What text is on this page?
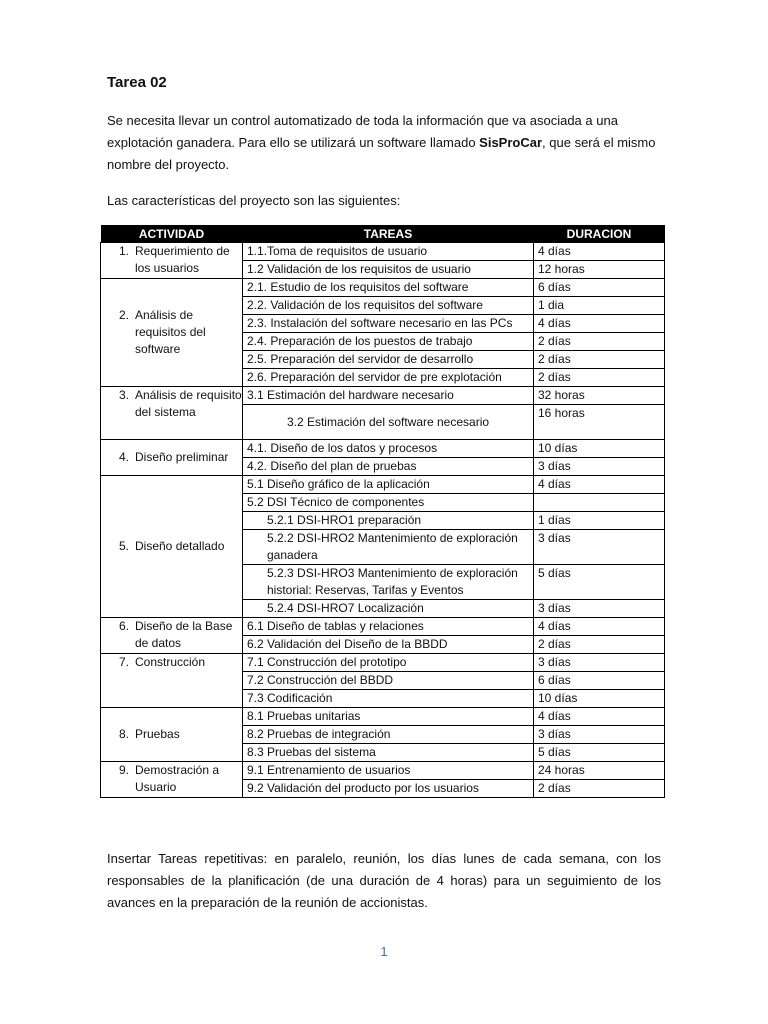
Tarea 02

Se necesita llevar un control automatizado de toda la información que va asociada a una explotación ganadera. Para ello se utilizará un software llamado SisProCar, que será el mismo nombre del proyecto.

Las características del proyecto son las siguientes:

ACTIVIDAD	TAREAS	DURACION

1. Requerimiento de los usuarios	1.1.Toma de requisitos de usuario	4 días
	1.2 Validación de los requisitos de usuario	12 horas

2. Análisis de requisitos del software	2.1. Estudio de los requisitos del software	6 días
	2.2. Validación de los requisitos del software	1 dia
	2.3. Instalación del software necesario en las PCs	4 días
	2.4. Preparación de los puestos de trabajo	2 días
	2.5. Preparación del servidor de desarrollo	2 días
	2.6. Preparación del servidor de pre explotación	2 días

3. Análisis de requisito del sistema	3.1 Estimación del hardware necesario	32 horas
	3.2 Estimación del software necesario	16 horas

4. Diseño preliminar	4.1. Diseño de los datos y procesos	10 días
	4.2. Diseño del plan de pruebas	3 días

5. Diseño detallado	5.1 Diseño gráfico de la aplicación	4 días
	5.2 DSI Técnico de componentes	
	5.2.1 DSI-HRO1 preparación	1 días
	5.2.2 DSI-HRO2 Mantenimiento de exploración ganadera	3 días
	5.2.3 DSI-HRO3 Mantenimiento de exploración historial: Reservas, Tarifas y Eventos	5 días
	5.2.4 DSI-HRO7 Localización	3 días

6. Diseño de la Base de datos	6.1 Diseño de tablas y relaciones	4 días
	6.2 Validación del Diseño de la BBDD	2 días

7. Construcción	7.1 Construcción del prototipo	3 días
	7.2 Construcción del BBDD	6 días
	7.3 Codificación	10 días

8. Pruebas	8.1 Pruebas unitarias	4 días
	8.2 Pruebas de integración	3 días
	8.3 Pruebas del sistema	5 días

9. Demostración a Usuario	9.1 Entrenamiento de usuarios	24 horas
	9.2 Validación del producto por los usuarios	2 días

Insertar Tareas repetitivas: en paralelo, reunión, los días lunes de cada semana, con los responsables de la planificación (de una duración de 4 horas) para un seguimiento de los avances en la preparación de la reunión de accionistas.

1
